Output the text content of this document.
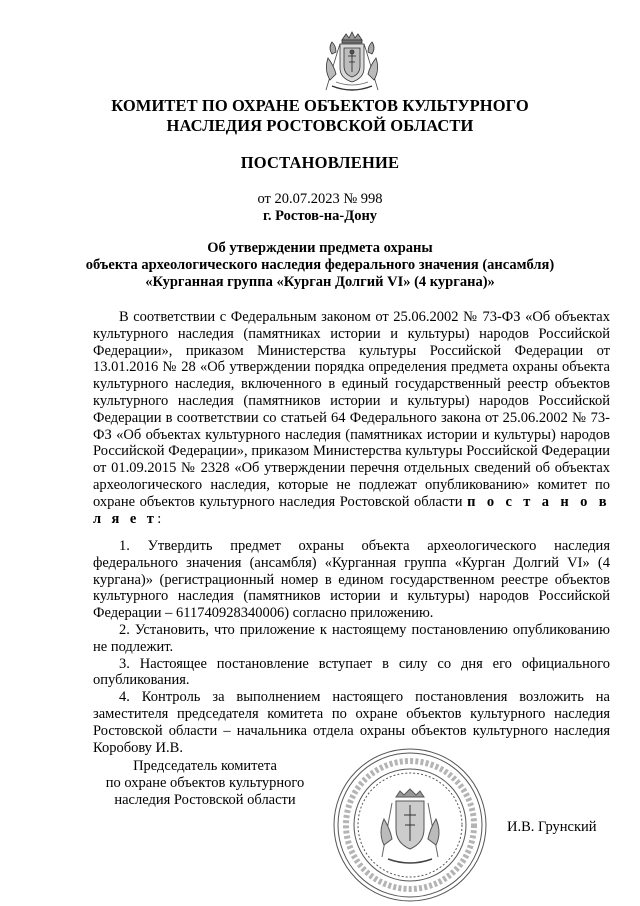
КОМИТЕТ ПО ОХРАНЕ ОБЪЕКТОВ КУЛЬТУРНОГО
НАСЛЕДИЯ РОСТОВСКОЙ ОБЛАСТИ
ПОСТАНОВЛЕНИЕ
от 20.07.2023 № 998
г. Ростов-на-Дону
Об утверждении предмета охраны
объекта археологического наследия федерального значения (ансамбля)
«Курганная группа «Курган Долгий VI» (4 кургана)»

В соответствии с Федеральным законом от 25.06.2002 № 73-ФЗ «Об объектах культурного наследия (памятниках истории и культуры) народов Российской Федерации», приказом Министерства культуры Российской Федерации от 13.01.2016 № 28 «Об утверждении порядка определения предмета охраны объекта культурного наследия, включенного в единый государственный реестр объектов культурного наследия (памятников истории и культуры) народов Российской Федерации в соответствии со статьей 64 Федерального закона от 25.06.2002 № 73-ФЗ «Об объектах культурного наследия (памятниках истории и культуры) народов Российской Федерации», приказом Министерства культуры Российской Федерации от 01.09.2015 № 2328 «Об утверждении перечня отдельных сведений об объектах археологического наследия, которые не подлежат опубликованию» комитет по охране объектов культурного наследия Ростовской области п о с т а н о в л я е т:

1. Утвердить предмет охраны объекта археологического наследия федерального значения (ансамбля) «Курганная группа «Курган Долгий VI» (4 кургана)» (регистрационный номер в едином государственном реестре объектов культурного наследия (памятников истории и культуры) народов Российской Федерации – 611740928340006) согласно приложению.

2. Установить, что приложение к настоящему постановлению опубликованию не подлежит.

3. Настоящее постановление вступает в силу со дня его официального опубликования.

4. Контроль за выполнением настоящего постановления возложить на заместителя председателя комитета по охране объектов культурного наследия Ростовской области – начальника отдела охраны объектов культурного наследия Коробову И.В.

Председатель комитета
по охране объектов культурного
наследия Ростовской области
И.В. Грунский
